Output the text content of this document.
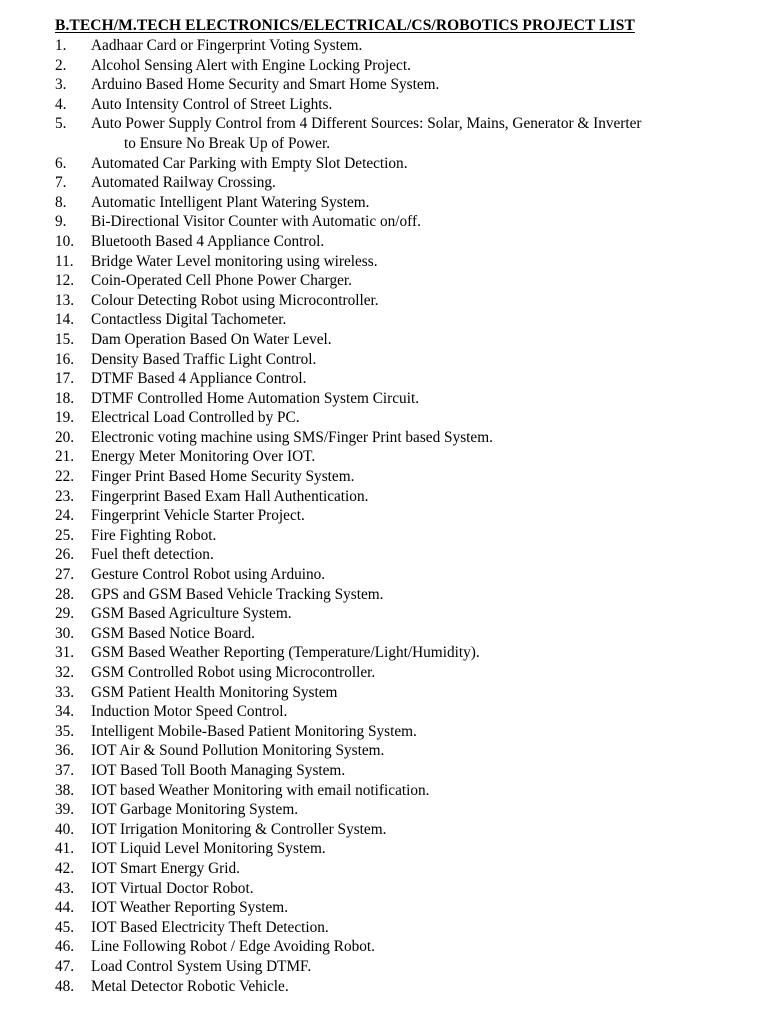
B.TECH/M.TECH ELECTRONICS/ELECTRICAL/CS/ROBOTICS PROJECT LIST
1. Aadhaar Card or Fingerprint Voting System.
2. Alcohol Sensing Alert with Engine Locking Project.
3. Arduino Based Home Security and Smart Home System.
4. Auto Intensity Control of Street Lights.
5. Auto Power Supply Control from 4 Different Sources: Solar, Mains, Generator & Inverter
to Ensure No Break Up of Power.
6. Automated Car Parking with Empty Slot Detection.
7. Automated Railway Crossing.
8. Automatic Intelligent Plant Watering System.
9. Bi-Directional Visitor Counter with Automatic on/off.
10. Bluetooth Based 4 Appliance Control.
11. Bridge Water Level monitoring using wireless.
12. Coin-Operated Cell Phone Power Charger.
13. Colour Detecting Robot using Microcontroller.
14. Contactless Digital Tachometer.
15. Dam Operation Based On Water Level.
16. Density Based Traffic Light Control.
17. DTMF Based 4 Appliance Control.
18. DTMF Controlled Home Automation System Circuit.
19. Electrical Load Controlled by PC.
20. Electronic voting machine using SMS/Finger Print based System.
21. Energy Meter Monitoring Over IOT.
22. Finger Print Based Home Security System.
23. Fingerprint Based Exam Hall Authentication.
24. Fingerprint Vehicle Starter Project.
25. Fire Fighting Robot.
26. Fuel theft detection.
27. Gesture Control Robot using Arduino.
28. GPS and GSM Based Vehicle Tracking System.
29. GSM Based Agriculture System.
30. GSM Based Notice Board.
31. GSM Based Weather Reporting (Temperature/Light/Humidity).
32. GSM Controlled Robot using Microcontroller.
33. GSM Patient Health Monitoring System
34. Induction Motor Speed Control.
35. Intelligent Mobile-Based Patient Monitoring System.
36. IOT Air & Sound Pollution Monitoring System.
37. IOT Based Toll Booth Managing System.
38. IOT based Weather Monitoring with email notification.
39. IOT Garbage Monitoring System.
40. IOT Irrigation Monitoring & Controller System.
41. IOT Liquid Level Monitoring System.
42. IOT Smart Energy Grid.
43. IOT Virtual Doctor Robot.
44. IOT Weather Reporting System.
45. IOT Based Electricity Theft Detection.
46. Line Following Robot / Edge Avoiding Robot.
47. Load Control System Using DTMF.
48. Metal Detector Robotic Vehicle.
